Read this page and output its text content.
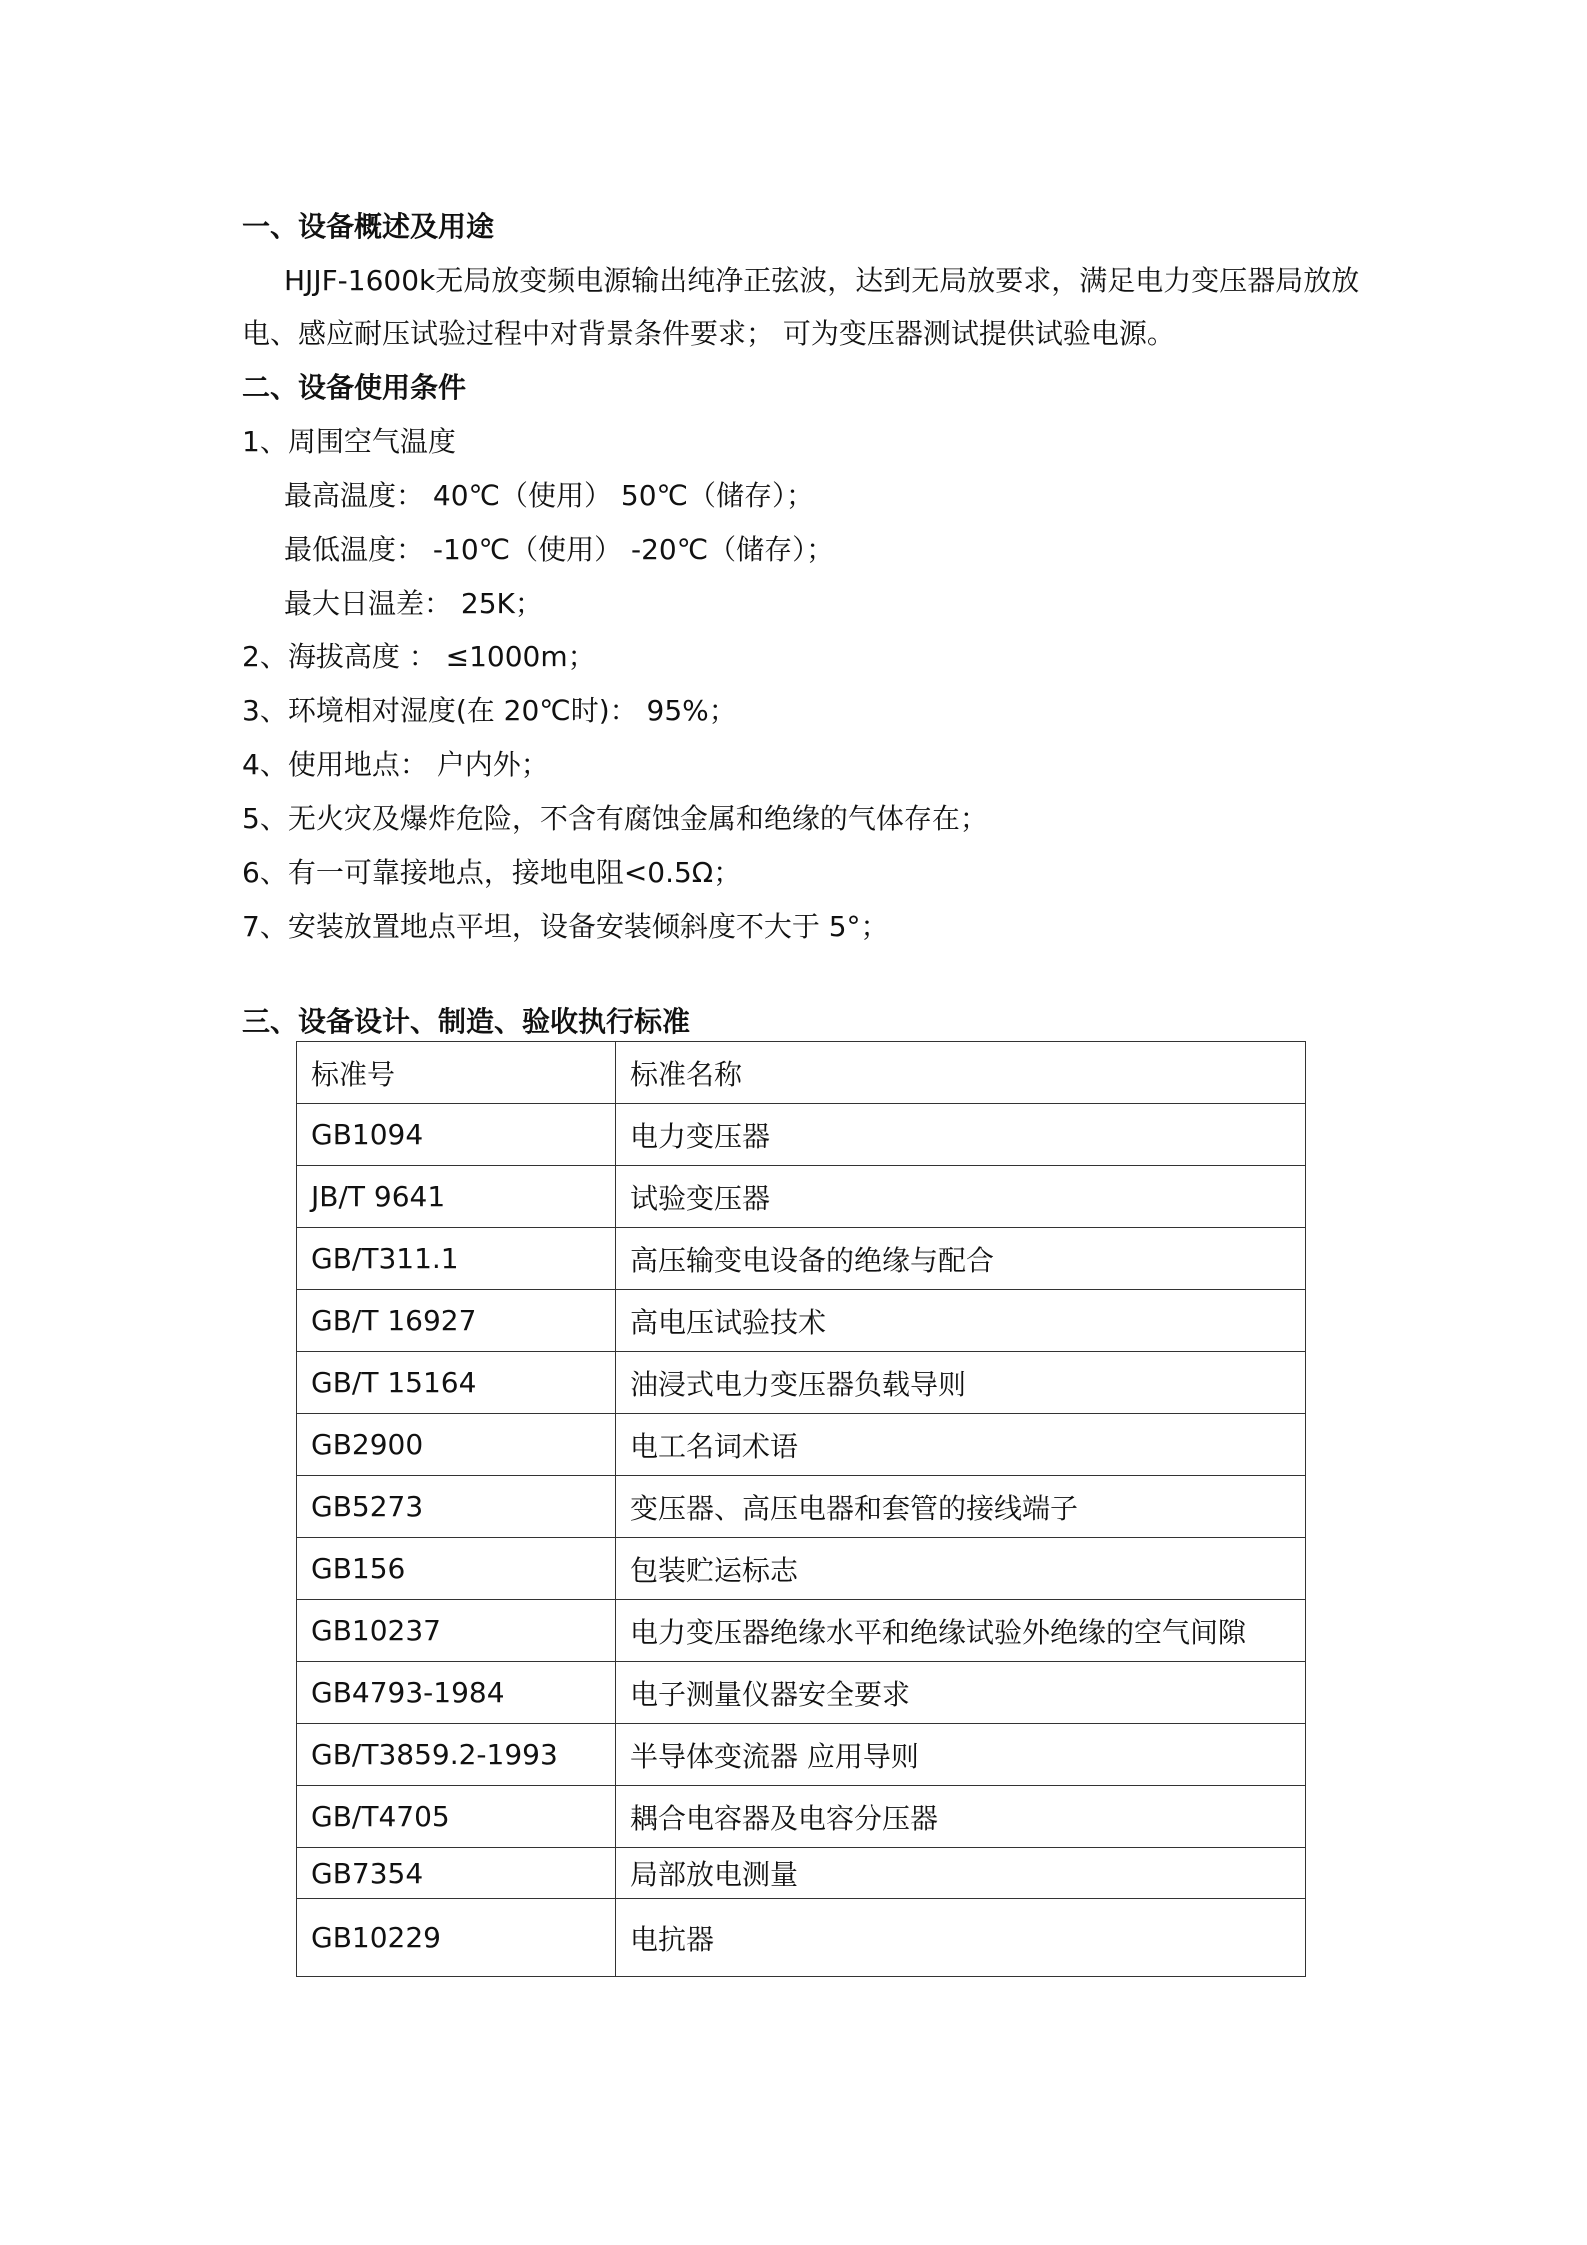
一、设备概述及用途
HJJF-1600k无局放变频电源输出纯净正弦波，达到无局放要求，满足电力变压器局放放
电、感应耐压试验过程中对背景条件要求； 可为变压器测试提供试验电源。
二、设备使用条件
1、周围空气温度
最高温度： 40℃（使用） 50℃（储存）；
最低温度： -10℃（使用） -20℃（储存）；
最大日温差： 25K；
2、海拔高度 ： ≤1000m；
3、环境相对湿度(在 20℃时)： 95%；
4、使用地点： 户内外；
5、无火灾及爆炸危险，不含有腐蚀金属和绝缘的气体存在；
6、有一可靠接地点，接地电阻<0.5Ω；
7、安装放置地点平坦，设备安装倾斜度不大于 5°；
三、设备设计、制造、验收执行标准
标准号	标准名称
GB1094	电力变压器
JB/T 9641	试验变压器
GB/T311.1	高压输变电设备的绝缘与配合
GB/T 16927	高电压试验技术
GB/T 15164	油浸式电力变压器负载导则
GB2900	电工名词术语
GB5273	变压器、高压电器和套管的接线端子
GB156	包装贮运标志
GB10237	电力变压器绝缘水平和绝缘试验外绝缘的空气间隙
GB4793-1984	电子测量仪器安全要求
GB/T3859.2-1993	半导体变流器 应用导则
GB/T4705	耦合电容器及电容分压器
GB7354	局部放电测量
GB10229	电抗器
